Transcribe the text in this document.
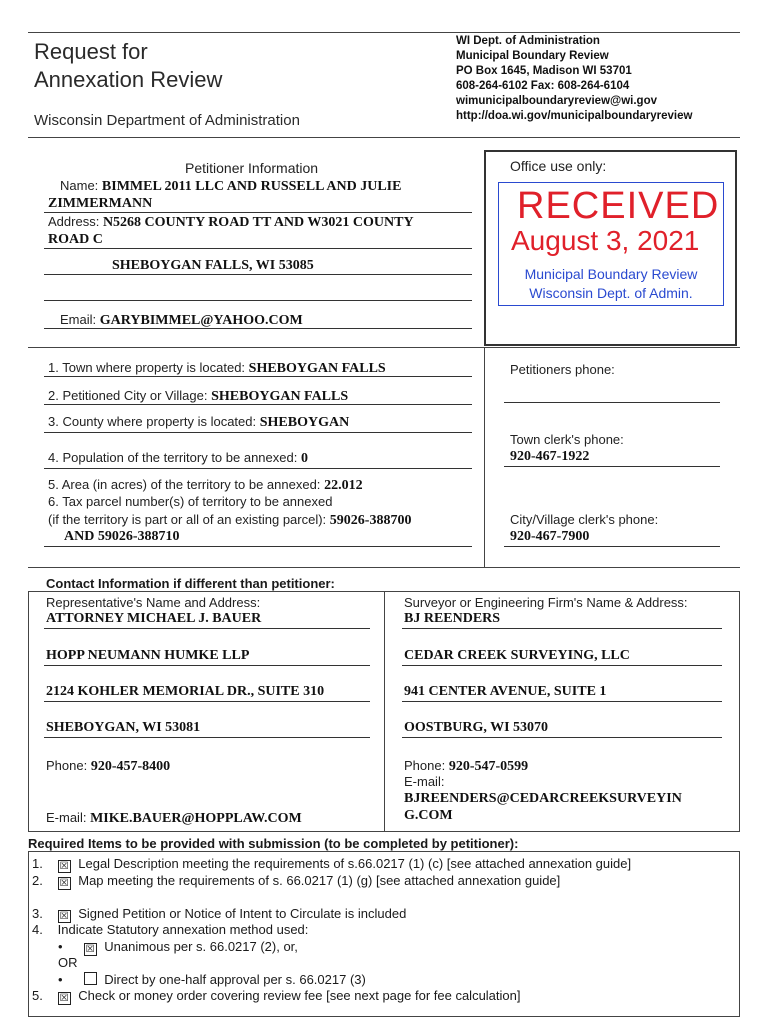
Request for
Annexation Review
Wisconsin Department of Administration
WI Dept. of Administration
Municipal Boundary Review
PO Box 1645, Madison WI 53701
608-264-6102 Fax: 608-264-6104
wimunicipalboundaryreview@wi.gov
http://doa.wi.gov/municipalboundaryreview
Petitioner Information
Name: BIMMEL 2011 LLC AND RUSSELL AND JULIE
ZIMMERMANN
Address: N5268 COUNTY ROAD TT AND W3021 COUNTY
ROAD C
SHEBOYGAN FALLS, WI 53085
Email: GARYBIMMEL@YAHOO.COM
Office use only:
RECEIVED
August 3, 2021
Municipal Boundary Review
Wisconsin Dept. of Admin.
1. Town where property is located: SHEBOYGAN FALLS
2. Petitioned City or Village: SHEBOYGAN FALLS
3. County where property is located: SHEBOYGAN
4. Population of the territory to be annexed: 0
5. Area (in acres) of the territory to be annexed: 22.012
6. Tax parcel number(s) of territory to be annexed
(if the territory is part or all of an existing parcel): 59026-388700
AND 59026-388710
Petitioners phone:
Town clerk's phone:
920-467-1922
City/Village clerk's phone:
920-467-7900
Contact Information if different than petitioner:
Representative's Name and Address:
ATTORNEY MICHAEL J. BAUER
HOPP NEUMANN HUMKE LLP
2124 KOHLER MEMORIAL DR., SUITE 310
SHEBOYGAN, WI 53081
Phone: 920-457-8400
E-mail: MIKE.BAUER@HOPPLAW.COM
Surveyor or Engineering Firm's Name & Address:
BJ REENDERS
CEDAR CREEK SURVEYING, LLC
941 CENTER AVENUE, SUITE 1
OOSTBURG, WI 53070
Phone: 920-547-0599
E-mail:
BJREENDERS@CEDARCREEKSURVEYIN
G.COM
Required Items to be provided with submission (to be completed by petitioner):
1. ☒ Legal Description meeting the requirements of s.66.0217 (1) (c) [see attached annexation guide]
2. ☒ Map meeting the requirements of s. 66.0217 (1) (g) [see attached annexation guide]
3. ☒ Signed Petition or Notice of Intent to Circulate is included
4. Indicate Statutory annexation method used:
• ☒ Unanimous per s. 66.0217 (2), or,
OR
•	Direct by one-half approval per s. 66.0217 (3)
5. ☒ Check or money order covering review fee [see next page for fee calculation]
